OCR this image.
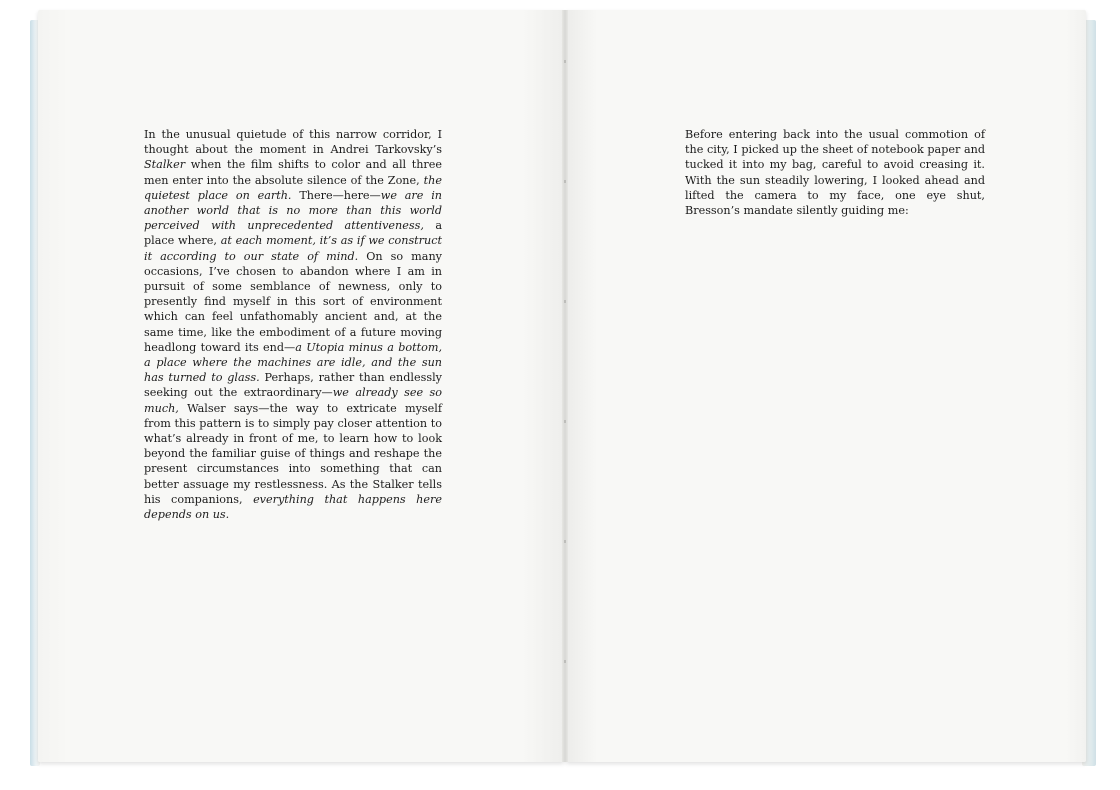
In the unusual quietude of this narrow corridor, I thought about the moment in Andrei Tarkovsky’s Stalker when the film shifts to color and all three men enter into the absolute silence of the Zone, the quietest place on earth. There—here—we are in another world that is no more than this world perceived with unprecedented attentiveness, a place where, at each moment, it’s as if we construct it according to our state of mind. On so many occasions, I’ve chosen to abandon where I am in pursuit of some semblance of newness, only to presently find myself in this sort of environment which can feel unfathomably ancient and, at the same time, like the embodiment of a future moving headlong toward its end—a Utopia minus a bottom, a place where the machines are idle, and the sun has turned to glass. Perhaps, rather than endlessly seeking out the extraordinary—we already see so much, Walser says—the way to extricate myself from this pattern is to simply pay closer attention to what’s already in front of me, to learn how to look beyond the familiar guise of things and reshape the present circumstances into something that can better assuage my restlessness. As the Stalker tells his companions, everything that happens here depends on us.

Before entering back into the usual commotion of the city, I picked up the sheet of notebook paper and tucked it into my bag, careful to avoid creasing it. With the sun steadily lowering, I looked ahead and lifted the camera to my face, one eye shut, Bresson’s mandate silently guiding me:
